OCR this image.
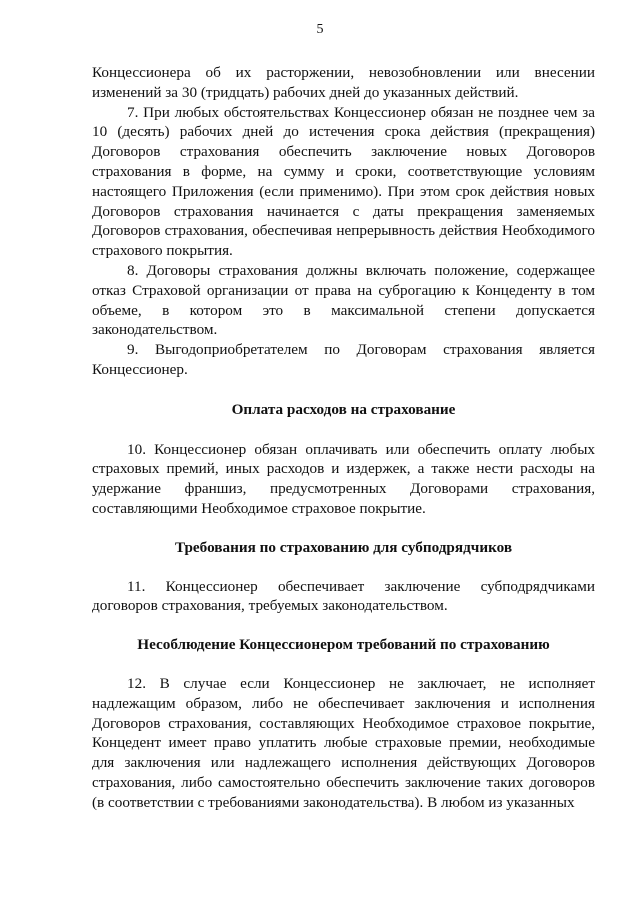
5

Концессионера об их расторжении, невозобновлении или внесении изменений за 30 (тридцать) рабочих дней до указанных действий.

7. При любых обстоятельствах Концессионер обязан не позднее чем за 10 (десять) рабочих дней до истечения срока действия (прекращения) Договоров страхования обеспечить заключение новых Договоров страхования в форме, на сумму и сроки, соответствующие условиям настоящего Приложения (если применимо). При этом срок действия новых Договоров страхования начинается с даты прекращения заменяемых Договоров страхования, обеспечивая непрерывность действия Необходимого страхового покрытия.

8. Договоры страхования должны включать положение, содержащее отказ Страховой организации от права на суброгацию к Концеденту в том объеме, в котором это в максимальной степени допускается законодательством.

9. Выгодоприобретателем по Договорам страхования является Концессионер.

Оплата расходов на страхование

10. Концессионер обязан оплачивать или обеспечить оплату любых страховых премий, иных расходов и издержек, а также нести расходы на удержание франшиз, предусмотренных Договорами страхования, составляющими Необходимое страховое покрытие.

Требования по страхованию для субподрядчиков

11. Концессионер обеспечивает заключение субподрядчиками договоров страхования, требуемых законодательством.

Несоблюдение Концессионером требований по страхованию

12. В случае если Концессионер не заключает, не исполняет надлежащим образом, либо не обеспечивает заключения и исполнения Договоров страхования, составляющих Необходимое страховое покрытие, Концедент имеет право уплатить любые страховые премии, необходимые для заключения или надлежащего исполнения действующих Договоров страхования, либо самостоятельно обеспечить заключение таких договоров (в соответствии с требованиями законодательства). В любом из указанных
